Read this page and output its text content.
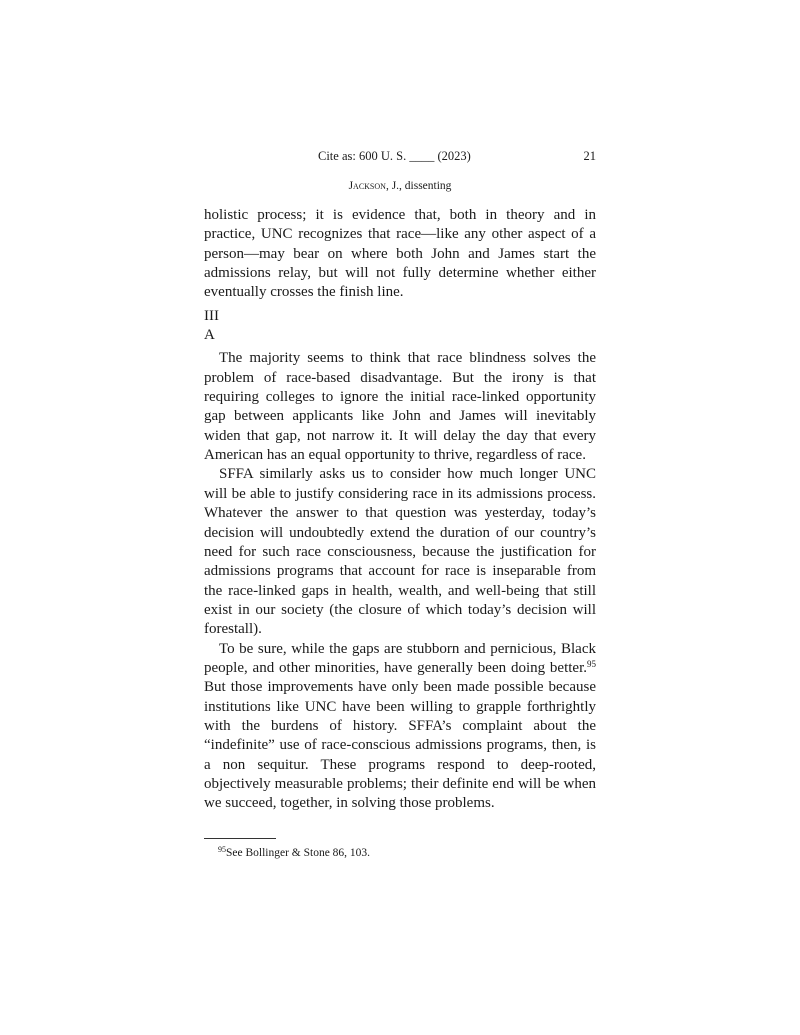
Cite as: 600 U. S. ____ (2023)	21
Jackson, J., dissenting

holistic process; it is evidence that, both in theory and in practice, UNC recognizes that race—like any other aspect of a person—may bear on where both John and James start the admissions relay, but will not fully determine whether either eventually crosses the finish line.

III

A

The majority seems to think that race blindness solves the problem of race-based disadvantage. But the irony is that requiring colleges to ignore the initial race-linked opportunity gap between applicants like John and James will inevitably widen that gap, not narrow it. It will delay the day that every American has an equal opportunity to thrive, regardless of race.

SFFA similarly asks us to consider how much longer UNC will be able to justify considering race in its admissions process. Whatever the answer to that question was yesterday, today’s decision will undoubtedly extend the duration of our country’s need for such race consciousness, because the justification for admissions programs that account for race is inseparable from the race-linked gaps in health, wealth, and well-being that still exist in our society (the closure of which today’s decision will forestall).

To be sure, while the gaps are stubborn and pernicious, Black people, and other minorities, have generally been doing better.$^{95}$ But those improvements have only been made possible because institutions like UNC have been willing to grapple forthrightly with the burdens of history. SFFA’s complaint about the “indefinite” use of race-conscious admissions programs, then, is a non sequitur. These programs respond to deep-rooted, objectively measurable problems; their definite end will be when we succeed, together, in solving those problems.

$^{95}$See Bollinger & Stone 86, 103.
